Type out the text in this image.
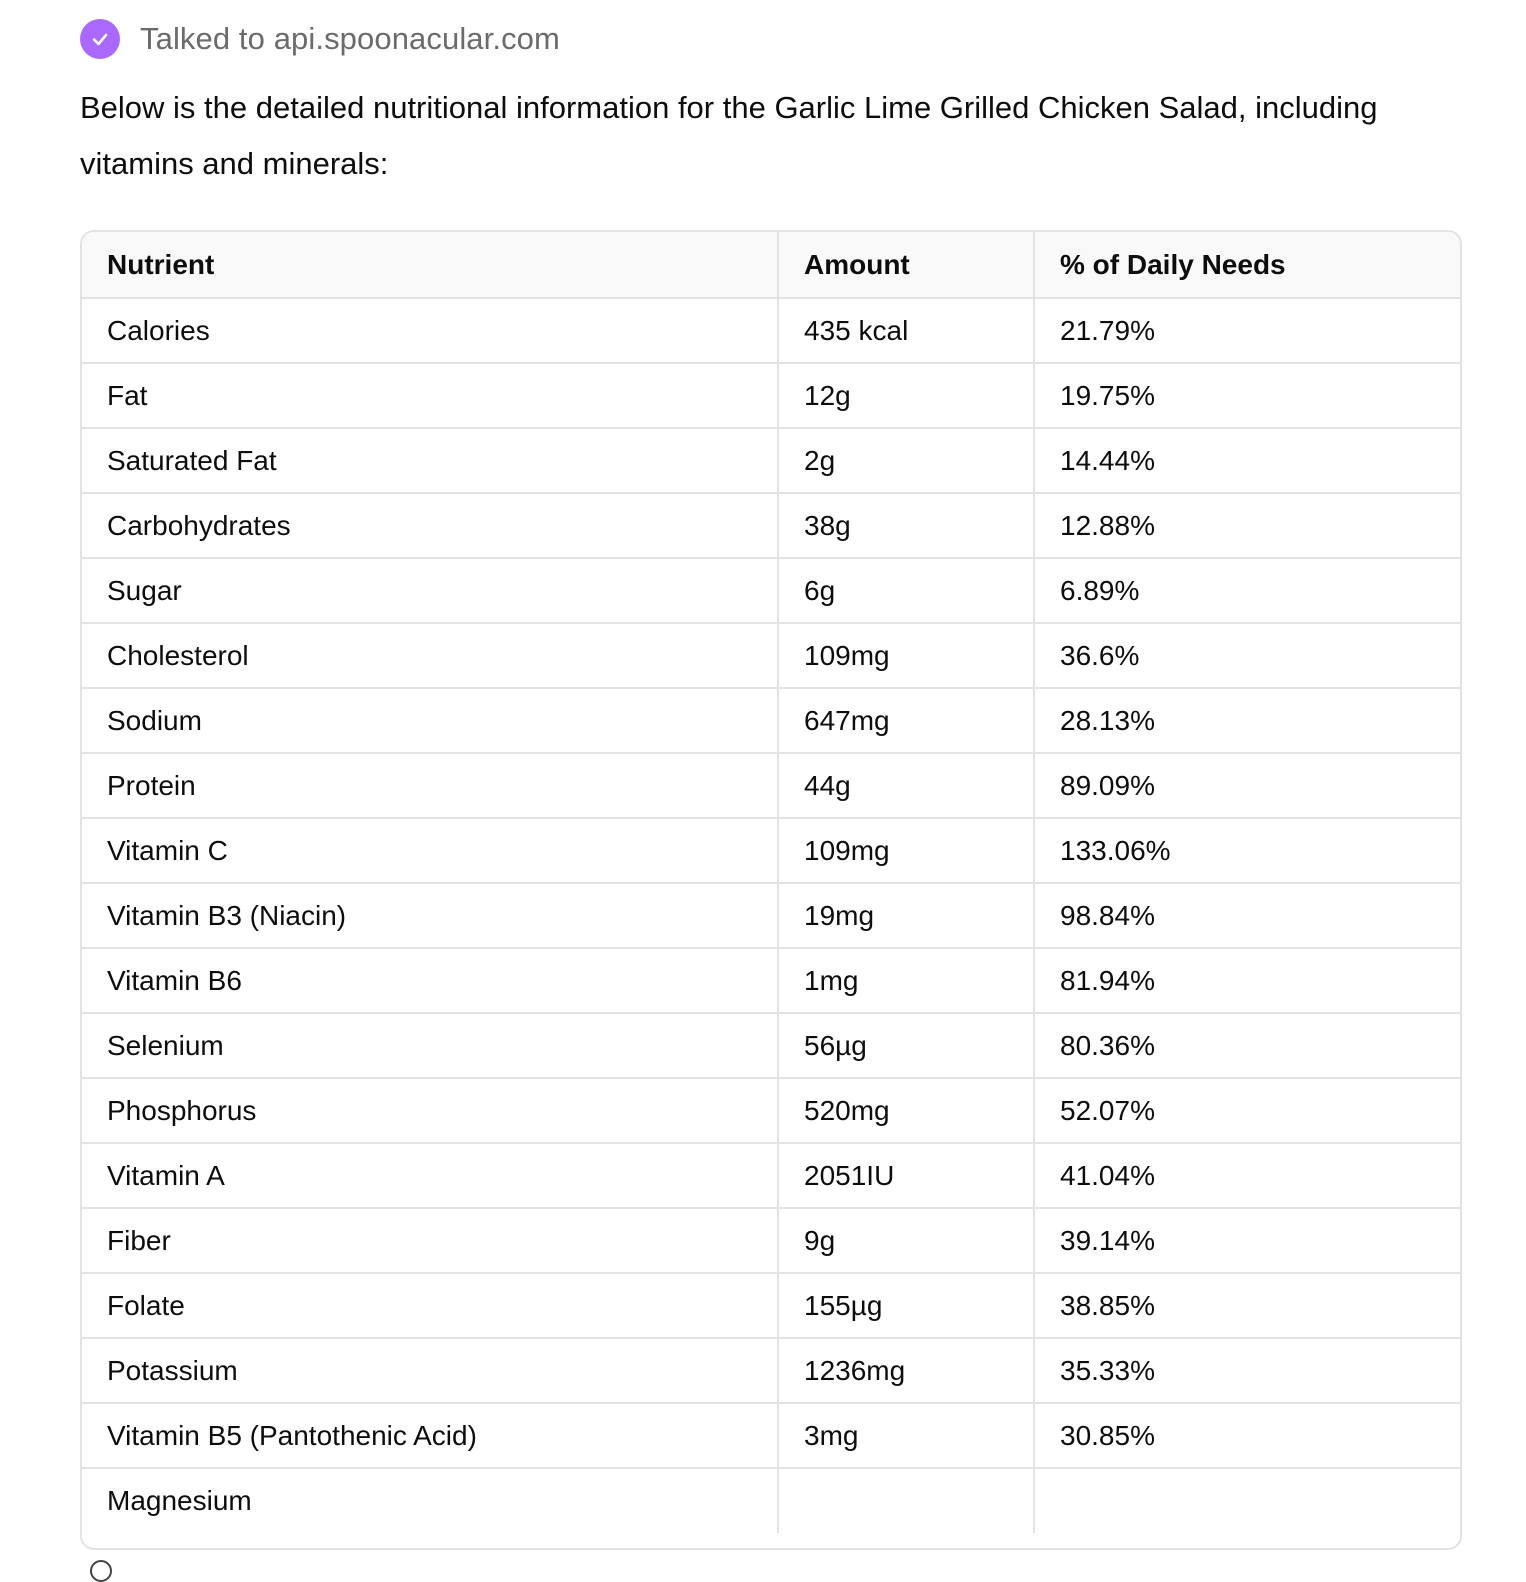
Talked to api.spoonacular.com

Below is the detailed nutritional information for the Garlic Lime Grilled Chicken Salad, including vitamins and minerals:

Nutrient	Amount	% of Daily Needs
Calories	435 kcal	21.79%
Fat	12g	19.75%
Saturated Fat	2g	14.44%
Carbohydrates	38g	12.88%
Sugar	6g	6.89%
Cholesterol	109mg	36.6%
Sodium	647mg	28.13%
Protein	44g	89.09%
Vitamin C	109mg	133.06%
Vitamin B3 (Niacin)	19mg	98.84%
Vitamin B6	1mg	81.94%
Selenium	56µg	80.36%
Phosphorus	520mg	52.07%
Vitamin A	2051IU	41.04%
Fiber	9g	39.14%
Folate	155µg	38.85%
Potassium	1236mg	35.33%
Vitamin B5 (Pantothenic Acid)	3mg	30.85%
Magnesium		
